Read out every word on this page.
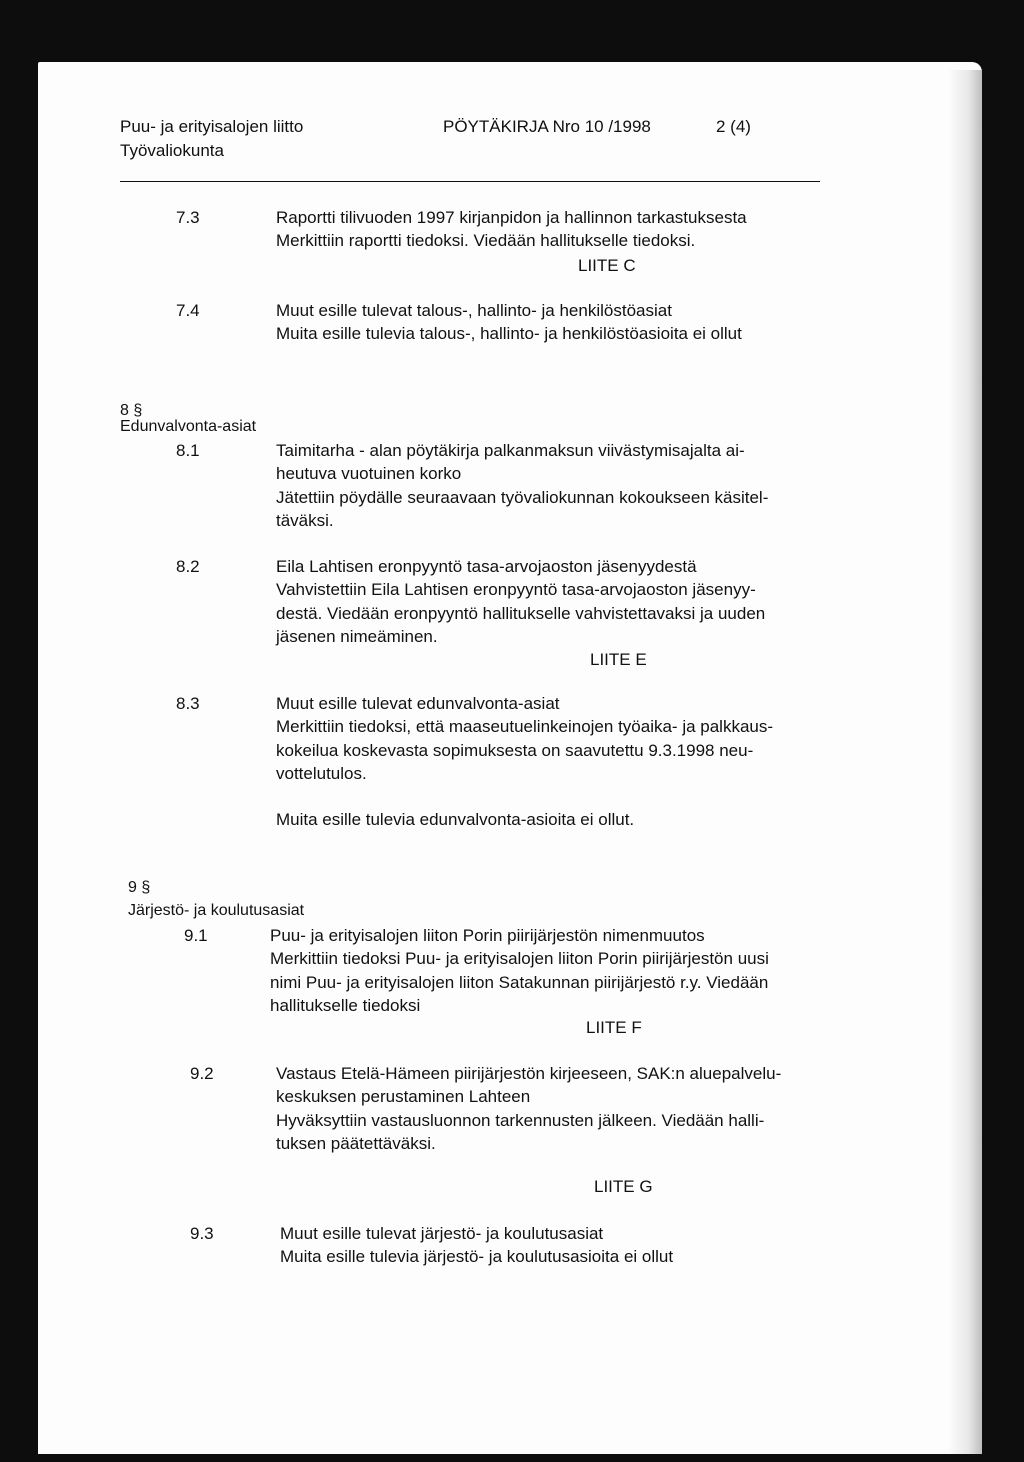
Puu- ja erityisalojen liitto
Työvaliokunta
PÖYTÄKIRJA Nro 10 /1998	2 (4)
7.3	Raportti tilivuoden 1997 kirjanpidon ja hallinnon tarkastuksesta
Merkittiin raportti tiedoksi. Viedään hallitukselle tiedoksi.
LIITE C
7.4	Muut esille tulevat talous-, hallinto- ja henkilöstöasiat
Muita esille tulevia talous-, hallinto- ja henkilöstöasioita ei ollut
8 §
Edunvalvonta-asiat
8.1	Taimitarha - alan pöytäkirja palkanmaksun viivästymisajalta ai-
heutuva vuotuinen korko
Jätettiin pöydälle seuraavaan työvaliokunnan kokoukseen käsitel-
täväksi.
8.2	Eila Lahtisen eronpyyntö tasa-arvojaoston jäsenyydestä
Vahvistettiin Eila Lahtisen eronpyyntö tasa-arvojaoston jäsenyy-
destä. Viedään eronpyyntö hallitukselle vahvistettavaksi ja uuden
jäsenen nimeäminen.
LIITE E
8.3	Muut esille tulevat edunvalvonta-asiat
Merkittiin tiedoksi, että maaseutuelinkeinojen työaika- ja palkkaus-
kokeilua koskevasta sopimuksesta on saavutettu 9.3.1998 neu-
vottelutulos.
Muita esille tulevia edunvalvonta-asioita ei ollut.
9 §
Järjestö- ja koulutusasiat
9.1	Puu- ja erityisalojen liiton Porin piirijärjestön nimenmuutos
Merkittiin tiedoksi Puu- ja erityisalojen liiton Porin piirijärjestön uusi
nimi Puu- ja erityisalojen liiton Satakunnan piirijärjestö r.y. Viedään
hallitukselle tiedoksi
LIITE F
9.2	Vastaus Etelä-Hämeen piirijärjestön kirjeeseen, SAK:n aluepalvelu-
keskuksen perustaminen Lahteen
Hyväksyttiin vastausluonnon tarkennusten jälkeen. Viedään halli-
tuksen päätettäväksi.
LIITE G
9.3	Muut esille tulevat järjestö- ja koulutusasiat
Muita esille tulevia järjestö- ja koulutusasioita ei ollut
